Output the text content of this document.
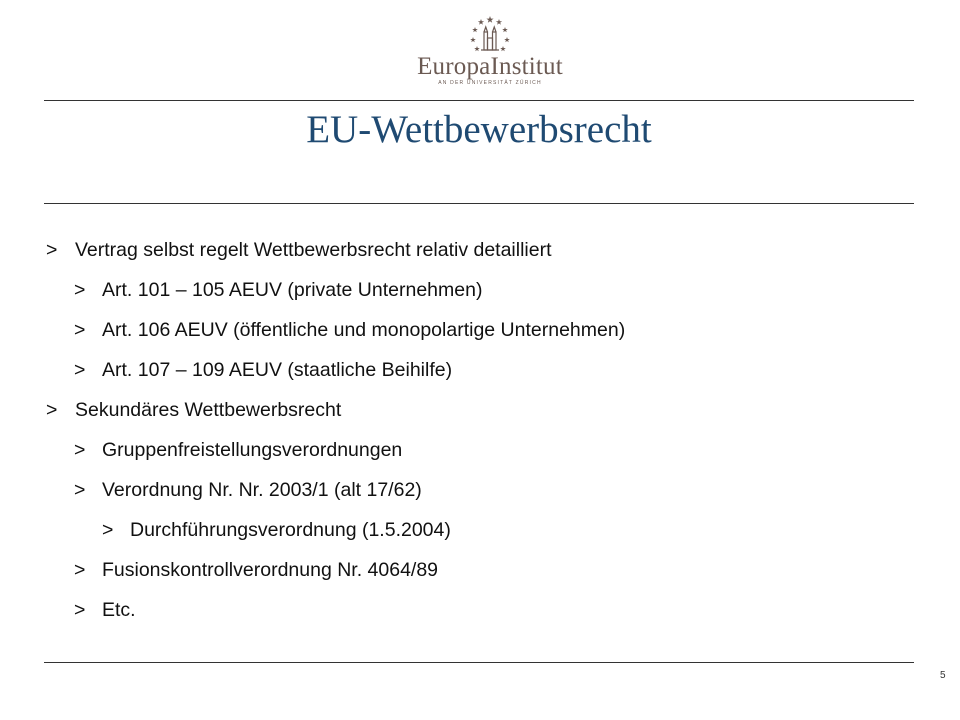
EuropaInstitut
AN DER UNIVERSITÄT ZÜRICH
EU-Wettbewerbsrecht
> Vertrag selbst regelt Wettbewerbsrecht relativ detailliert
> Art. 101 – 105 AEUV (private Unternehmen)
> Art. 106 AEUV (öffentliche und monopolartige Unternehmen)
> Art. 107 – 109 AEUV (staatliche Beihilfe)
> Sekundäres Wettbewerbsrecht
> Gruppenfreistellungsverordnungen
> Verordnung Nr. Nr. 2003/1 (alt 17/62)
> Durchführungsverordnung (1.5.2004)
> Fusionskontrollverordnung Nr. 4064/89
> Etc.
5
